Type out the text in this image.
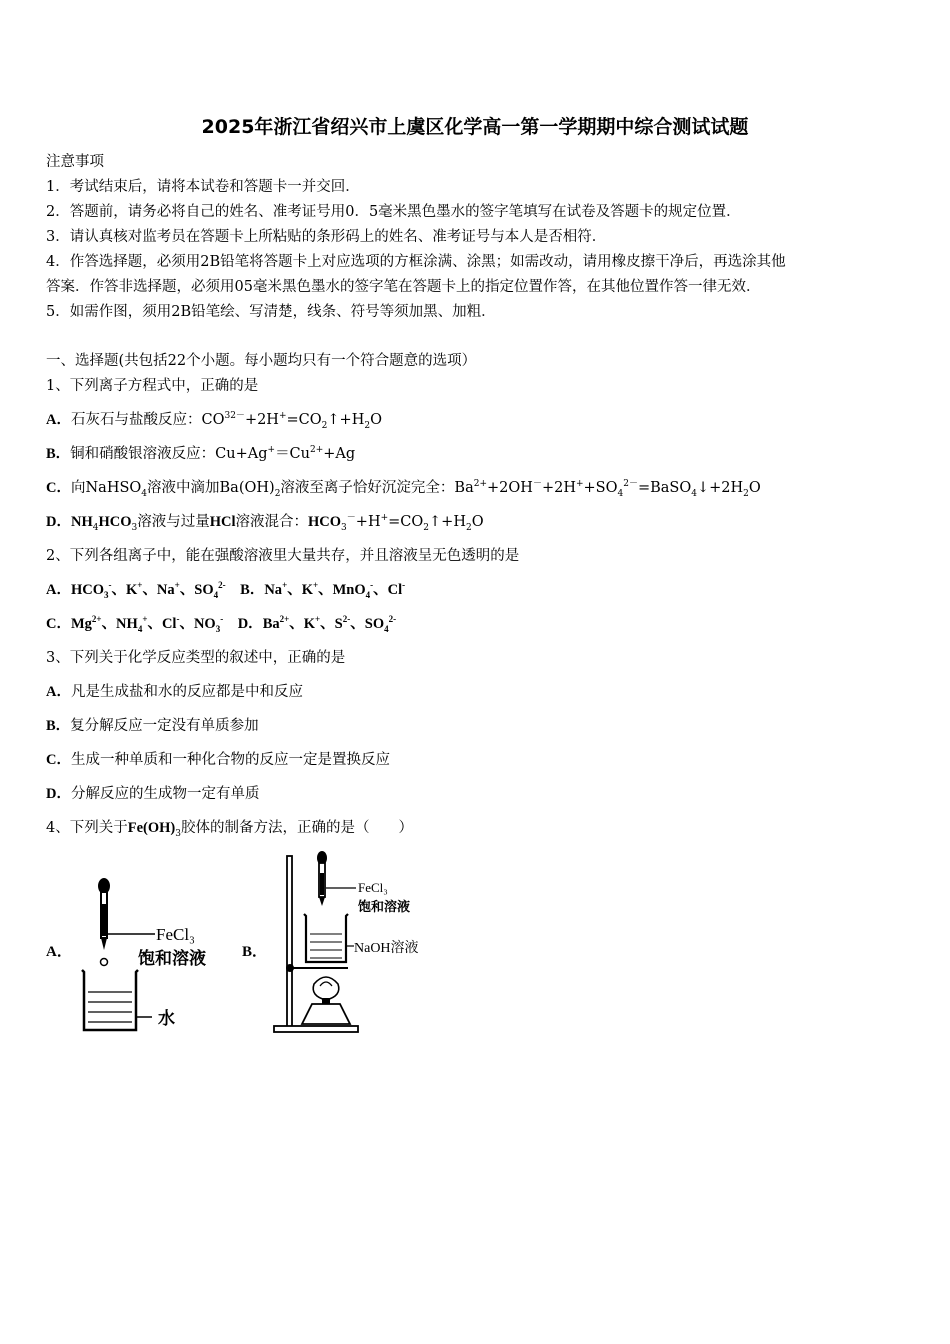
2025年浙江省绍兴市上虞区化学高一第一学期期中综合测试试题
注意事项
1．考试结束后，请将本试卷和答题卡一并交回．
2．答题前，请务必将自己的姓名、准考证号用0．5毫米黑色墨水的签字笔填写在试卷及答题卡的规定位置．
3．请认真核对监考员在答题卡上所粘贴的条形码上的姓名、准考证号与本人是否相符．
4．作答选择题，必须用2B铅笔将答题卡上对应选项的方框涂满、涂黑；如需改动，请用橡皮擦干净后，再选涂其他
答案．作答非选择题，必须用05毫米黑色墨水的签字笔在答题卡上的指定位置作答，在其他位置作答一律无效．
5．如需作图，须用2B铅笔绘、写清楚，线条、符号等须加黑、加粗．
一、选择题(共包括22个小题。每小题均只有一个符合题意的选项）
1、下列离子方程式中，正确的是
A．石灰石与盐酸反应：$CO^{32-}+2H^+=CO_2↑+H_2O$
B．铜和硝酸银溶液反应：$Cu+Ag^+=Cu^{2+}+Ag$
C．向NaHSO$_4$溶液中滴加$Ba(OH)_2$溶液至离子恰好沉淀完全：$Ba^{2+}+2OH^-+2H^++SO_4^{2-}=BaSO_4↓+2H_2O$
D．$NH_4HCO_3$溶液与过量HCl溶液混合：$HCO_3^-+H^+=CO_2↑+H_2O$
2、下列各组离子中，能在强酸溶液里大量共存，并且溶液呈无色透明的是
A．$HCO_3^-$、K+、Na+、$SO_4^{2-}$ B．Na+、K+、MnO$_4$-、Cl-
C．$Mg^{2+}$、$NH_4^+$、Cl-、$NO_3^-$ D．$Ba^{2+}$、K+、$S^{2-}$、$SO_4^{2-}$
3、下列关于化学反应类型的叙述中，正确的是
A．凡是生成盐和水的反应都是中和反应
B．复分解反应一定没有单质参加
C．生成一种单质和一种化合物的反应一定是置换反应
D．分解反应的生成物一定有单质
4、下列关于$Fe(OH)_3$胶体的制备方法，正确的是（　　）
A．
FeCl₃
饱和溶液
水
B．
FeCl₃
饱和溶液
NaOH溶液
